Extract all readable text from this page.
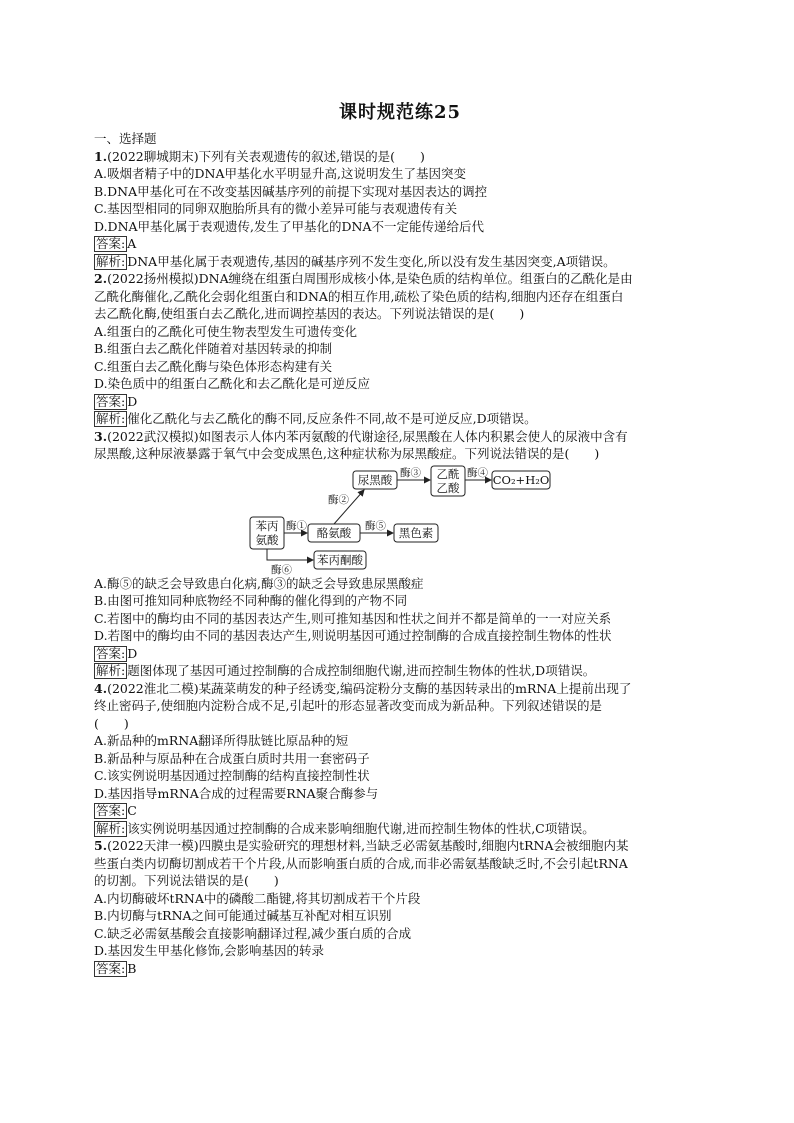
课时规范练25
一、选择题
1.(2022聊城期末)下列有关表观遗传的叙述,错误的是(　　)
A.吸烟者精子中的DNA甲基化水平明显升高,这说明发生了基因突变
B.DNA甲基化可在不改变基因碱基序列的前提下实现对基因表达的调控
C.基因型相同的同卵双胞胎所具有的微小差异可能与表观遗传有关
D.DNA甲基化属于表观遗传,发生了甲基化的DNA不一定能传递给后代
答案: A
解析: DNA甲基化属于表观遗传,基因的碱基序列不发生变化,所以没有发生基因突变,A项错误。
2.(2022扬州模拟)DNA缠绕在组蛋白周围形成核小体,是染色质的结构单位。组蛋白的乙酰化是由
乙酰化酶催化,乙酰化会弱化组蛋白和DNA的相互作用,疏松了染色质的结构,细胞内还存在组蛋白
去乙酰化酶,使组蛋白去乙酰化,进而调控基因的表达。下列说法错误的是(　　)
A.组蛋白的乙酰化可使生物表型发生可遗传变化
B.组蛋白去乙酰化伴随着对基因转录的抑制
C.组蛋白去乙酰化酶与染色体形态构建有关
D.染色质中的组蛋白乙酰化和去乙酰化是可逆反应
答案: D
解析: 催化乙酰化与去乙酰化的酶不同,反应条件不同,故不是可逆反应,D项错误。
3.(2022武汉模拟)如图表示人体内苯丙氨酸的代谢途径,尿黑酸在人体内积累会使人的尿液中含有
尿黑酸,这种尿液暴露于氧气中会变成黑色,这种症状称为尿黑酸症。下列说法错误的是(　　)
苯丙
氨酸
尿黑酸	乙酰
乙酸
CO₂+H₂O
酪氨酸	黑色素
苯丙酮酸
酶①
酶②
酶③	酶④
酶⑤
酶⑥
A.酶⑤的缺乏会导致患白化病,酶③的缺乏会导致患尿黑酸症
B.由图可推知同种底物经不同种酶的催化得到的产物不同
C.若图中的酶均由不同的基因表达产生,则可推知基因和性状之间并不都是简单的一一对应关系
D.若图中的酶均由不同的基因表达产生,则说明基因可通过控制酶的合成直接控制生物体的性状
答案: D
解析: 题图体现了基因可通过控制酶的合成控制细胞代谢,进而控制生物体的性状,D项错误。
4.(2022淮北二模)某蔬菜萌发的种子经诱变,编码淀粉分支酶的基因转录出的mRNA上提前出现了
终止密码子,使细胞内淀粉合成不足,引起叶的形态显著改变而成为新品种。下列叙述错误的是
(　　)
A.新品种的mRNA翻译所得肽链比原品种的短
B.新品种与原品种在合成蛋白质时共用一套密码子
C.该实例说明基因通过控制酶的结构直接控制性状
D.基因指导mRNA合成的过程需要RNA聚合酶参与
答案: C
解析: 该实例说明基因通过控制酶的合成来影响细胞代谢,进而控制生物体的性状,C项错误。
5.(2022天津一模)四膜虫是实验研究的理想材料,当缺乏必需氨基酸时,细胞内tRNA会被细胞内某
些蛋白类内切酶切割成若干个片段,从而影响蛋白质的合成,而非必需氨基酸缺乏时,不会引起tRNA
的切割。下列说法错误的是(　　)
A.内切酶破坏tRNA中的磷酸二酯键,将其切割成若干个片段
B.内切酶与tRNA之间可能通过碱基互补配对相互识别
C.缺乏必需氨基酸会直接影响翻译过程,减少蛋白质的合成
D.基因发生甲基化修饰,会影响基因的转录
答案: B
